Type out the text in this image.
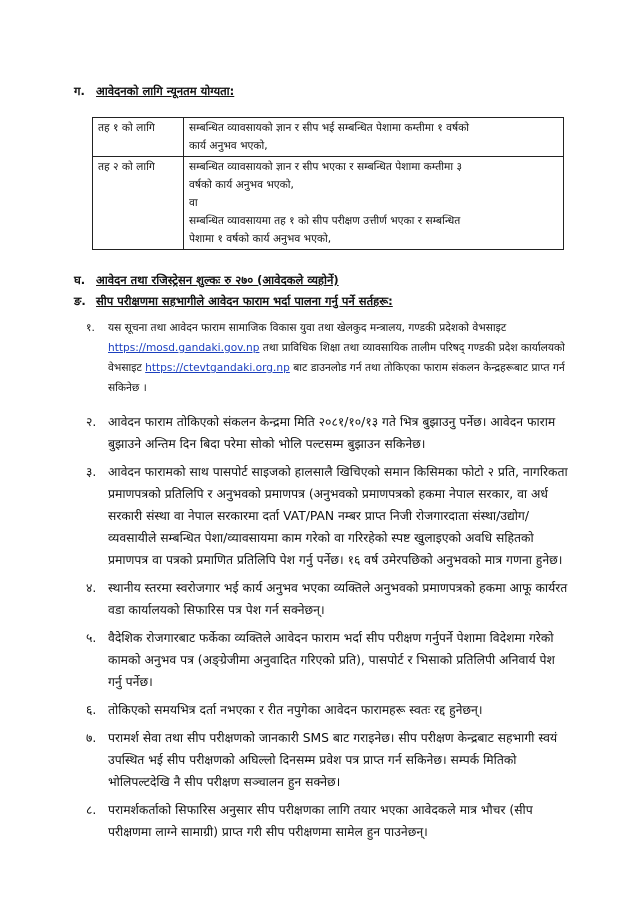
ग. आवेदनको लागि न्यूनतम योग्यता:
तह १ को लागि	सम्बन्धित व्यावसायको ज्ञान र सीप भई सम्बन्धित पेशामा कम्तीमा १ वर्षको
कार्य अनुभव भएको,

तह २ को लागि	सम्बन्धित व्यावसायको ज्ञान र सीप भएका र सम्बन्धित पेशामा कम्तीमा ३
वर्षको कार्य अनुभव भएको,
वा
सम्बन्धित व्यावसायमा तह १ को सीप परीक्षण उत्तीर्ण भएका र सम्बन्धित
पेशामा १ वर्षको कार्य अनुभव भएको,
घ. आवेदन तथा रजिस्ट्रेसन शुल्कः रु २७० (आवेदकले व्यहोर्ने)
ङ. सीप परीक्षणमा सहभागीले आवेदन फाराम भर्दा पालना गर्नु पर्ने सर्तहरू:
१. यस सूचना तथा आवेदन फाराम सामाजिक विकास युवा तथा खेलकुद मन्त्रालय, गण्डकी प्रदेशको वेभसाइट https://mosd.gandaki.gov.np तथा प्राविधिक शिक्षा तथा व्यावसायिक तालीम परिषद् गण्डकी प्रदेश कार्यालयको वेभसाइट https://ctevtgandaki.org.np बाट डाउनलोड गर्न तथा तोकिएका फाराम संकलन केन्द्रहरूबाट प्राप्त गर्न सकिनेछ ।
२. आवेदन फाराम तोकिएको संकलन केन्द्रमा मिति २०८१/१०/१३ गते भित्र बुझाउनु पर्नेछ। आवेदन फाराम बुझाउने अन्तिम दिन बिदा परेमा सोको भोलि पल्टसम्म बुझाउन सकिनेछ।
३. आवेदन फारामको साथ पासपोर्ट साइजको हालसालै खिचिएको समान किसिमका फोटो २ प्रति, नागरिकता प्रमाणपत्रको प्रतिलिपि र अनुभवको प्रमाणपत्र (अनुभवको प्रमाणपत्रको हकमा नेपाल सरकार, वा अर्ध सरकारी संस्था वा नेपाल सरकारमा दर्ता VAT/PAN नम्बर प्राप्त निजी रोजगारदाता संस्था/उद्योग/व्यवसायीले सम्बन्धित पेशा/व्यावसायमा काम गरेको वा गरिरहेको स्पष्ट खुलाइएको अवधि सहितको प्रमाणपत्र वा पत्रको प्रमाणित प्रतिलिपि पेश गर्नु पर्नेछ। १६ वर्ष उमेरपछिको अनुभवको मात्र गणना हुनेछ।
४. स्थानीय स्तरमा स्वरोजगार भई कार्य अनुभव भएका व्यक्तिले अनुभवको प्रमाणपत्रको हकमा आफू कार्यरत वडा कार्यालयको सिफारिस पत्र पेश गर्न सक्नेछन्।
५. वैदेशिक रोजगारबाट फर्केका व्यक्तिले आवेदन फाराम भर्दा सीप परीक्षण गर्नुपर्ने पेशामा विदेशमा गरेको कामको अनुभव पत्र (अङ्ग्रेजीमा अनुवादित गरिएको प्रति), पासपोर्ट र भिसाको प्रतिलिपी अनिवार्य पेश गर्नु पर्नेछ।
६. तोकिएको समयभित्र दर्ता नभएका र रीत नपुगेका आवेदन फारामहरू स्वतः रद्द हुनेछन्।
७. परामर्श सेवा तथा सीप परीक्षणको जानकारी SMS बाट गराइनेछ। सीप परीक्षण केन्द्रबाट सहभागी स्वयं उपस्थित भई सीप परीक्षणको अघिल्लो दिनसम्म प्रवेश पत्र प्राप्त गर्न सकिनेछ। सम्पर्क मितिको भोलिपल्टदेखि नै सीप परीक्षण सञ्चालन हुन सक्नेछ।
८. परामर्शकर्ताको सिफारिस अनुसार सीप परीक्षणका लागि तयार भएका आवेदकले मात्र भौचर (सीप परीक्षणमा लाग्ने सामाग्री) प्राप्त गरी सीप परीक्षणमा सामेल हुन पाउनेछन्।
